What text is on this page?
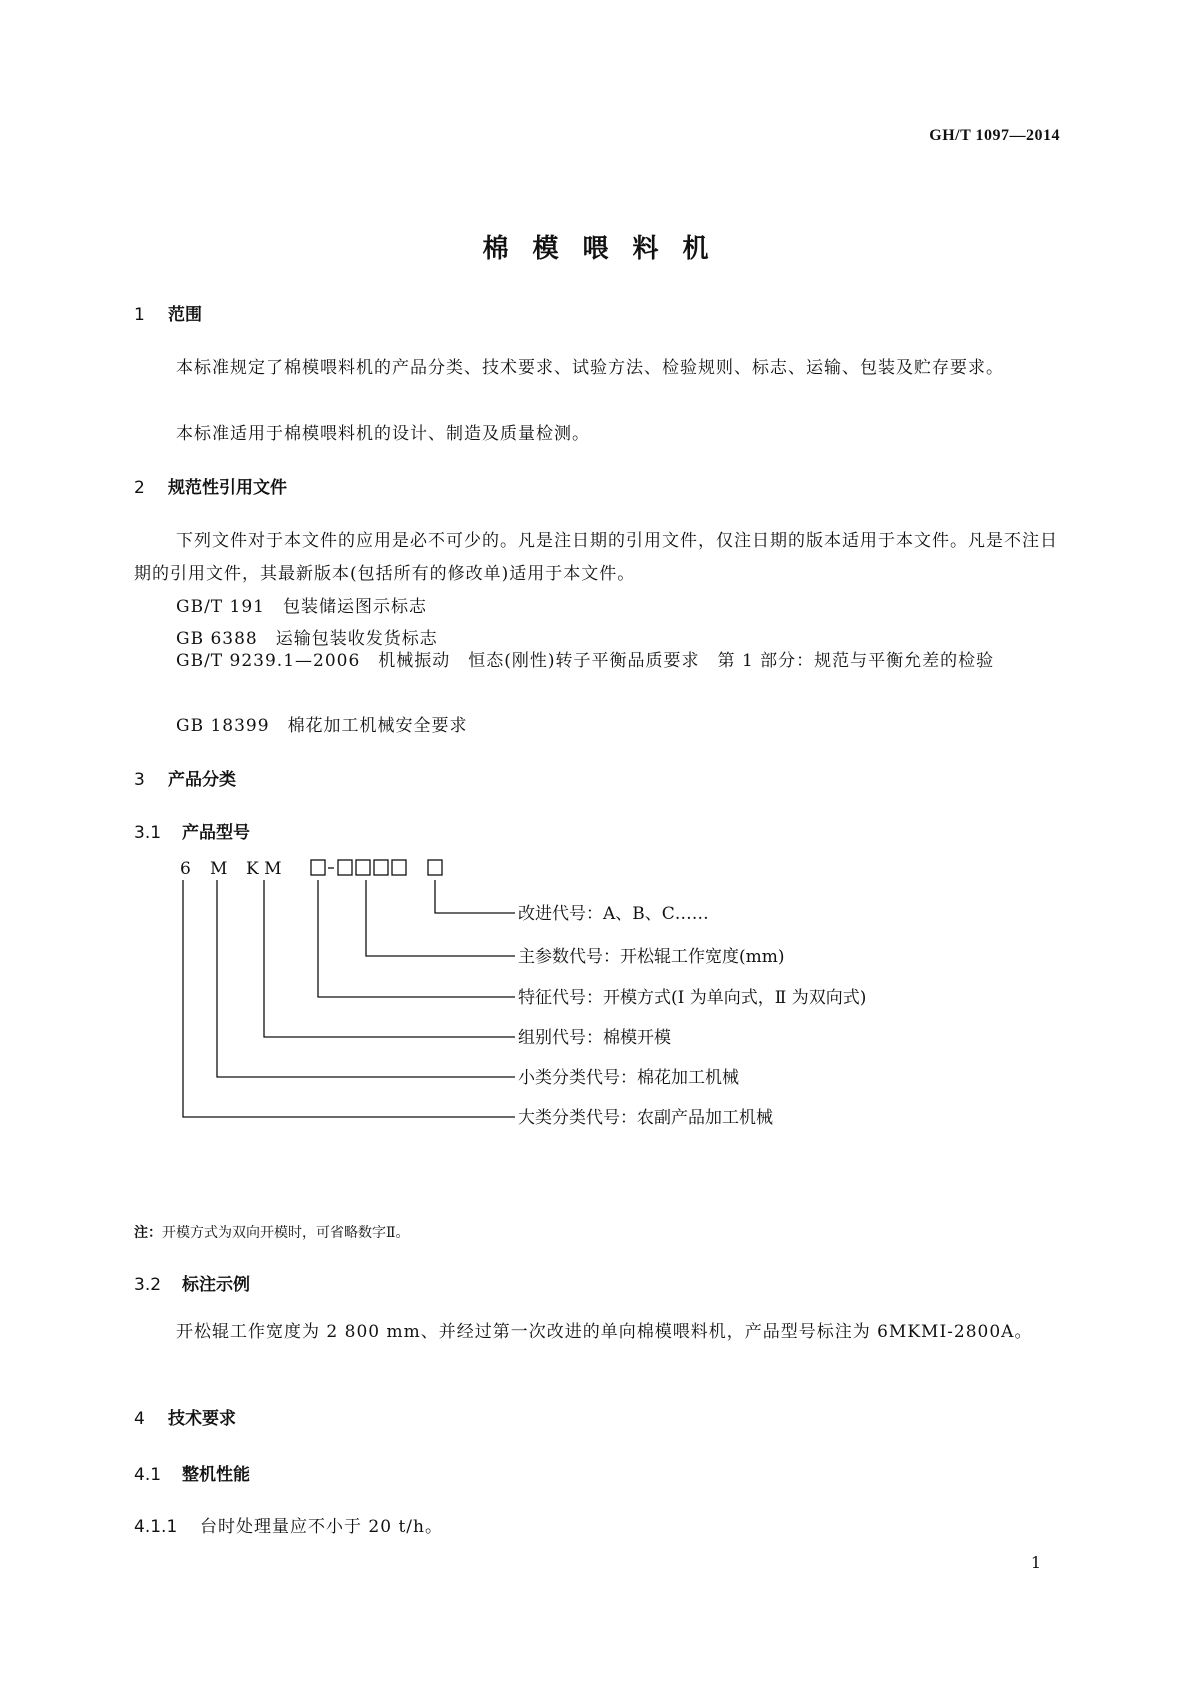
GH/T 1097—2014
棉模喂料机
1 范围
本标准规定了棉模喂料机的产品分类、技术要求、试验方法、检验规则、标志、运输、包装及贮存要求。
本标准适用于棉模喂料机的设计、制造及质量检测。
2 规范性引用文件
下列文件对于本文件的应用是必不可少的。凡是注日期的引用文件，仅注日期的版本适用于本文件。凡是不注日期的引用文件，其最新版本(包括所有的修改单)适用于本文件。
GB/T 191 包装储运图示标志
GB 6388 运输包装收发货标志
GB/T 9239.1—2006 机械振动　恒态(刚性)转子平衡品质要求　第 1 部分：规范与平衡允差的检验
GB 18399 棉花加工机械安全要求
3 产品分类
3.1 产品型号
6 M K M
改进代号：A、B、C……
主参数代号：开松辊工作宽度(mm)
特征代号：开模方式(Ⅰ 为单向式，Ⅱ 为双向式)
组别代号：棉模开模
小类分类代号：棉花加工机械
大类分类代号：农副产品加工机械
注：开模方式为双向开模时，可省略数字Ⅱ。
3.2 标注示例
开松辊工作宽度为 2 800 mm、并经过第一次改进的单向棉模喂料机，产品型号标注为 6MKMⅠ-2800A。
4 技术要求
4.1 整机性能
4.1.1 台时处理量应不小于 20 t/h。
1
